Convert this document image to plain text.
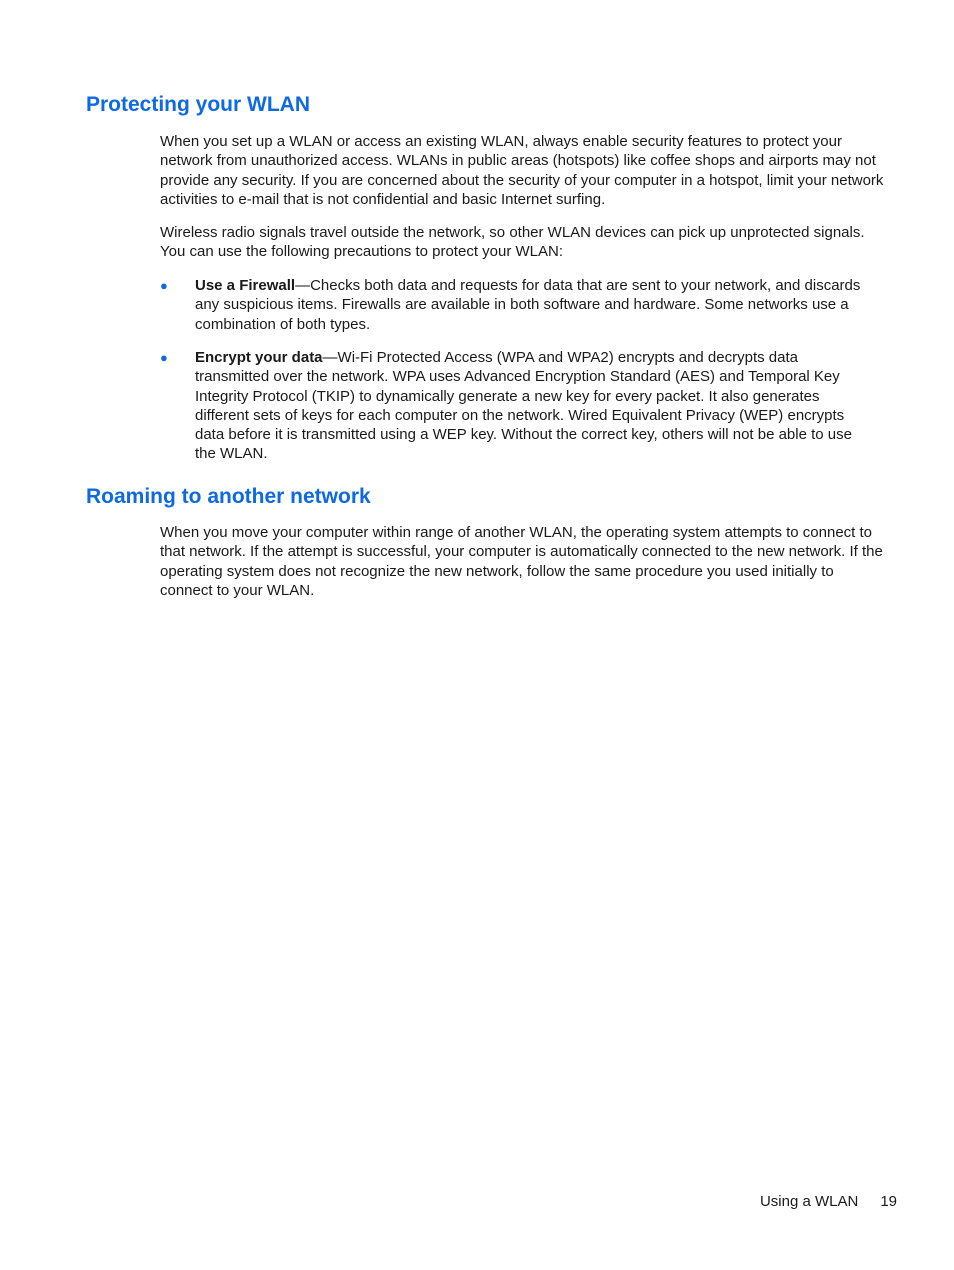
Protecting your WLAN

When you set up a WLAN or access an existing WLAN, always enable security features to protect your network from unauthorized access. WLANs in public areas (hotspots) like coffee shops and airports may not provide any security. If you are concerned about the security of your computer in a hotspot, limit your network activities to e-mail that is not confidential and basic Internet surfing.

Wireless radio signals travel outside the network, so other WLAN devices can pick up unprotected signals. You can use the following precautions to protect your WLAN:

● Use a Firewall—Checks both data and requests for data that are sent to your network, and discards any suspicious items. Firewalls are available in both software and hardware. Some networks use a combination of both types.

● Encrypt your data—Wi-Fi Protected Access (WPA and WPA2) encrypts and decrypts data transmitted over the network. WPA uses Advanced Encryption Standard (AES) and Temporal Key Integrity Protocol (TKIP) to dynamically generate a new key for every packet. It also generates different sets of keys for each computer on the network. Wired Equivalent Privacy (WEP) encrypts data before it is transmitted using a WEP key. Without the correct key, others will not be able to use the WLAN.

Roaming to another network

When you move your computer within range of another WLAN, the operating system attempts to connect to that network. If the attempt is successful, your computer is automatically connected to the new network. If the operating system does not recognize the new network, follow the same procedure you used initially to connect to your WLAN.

Using a WLAN 19
